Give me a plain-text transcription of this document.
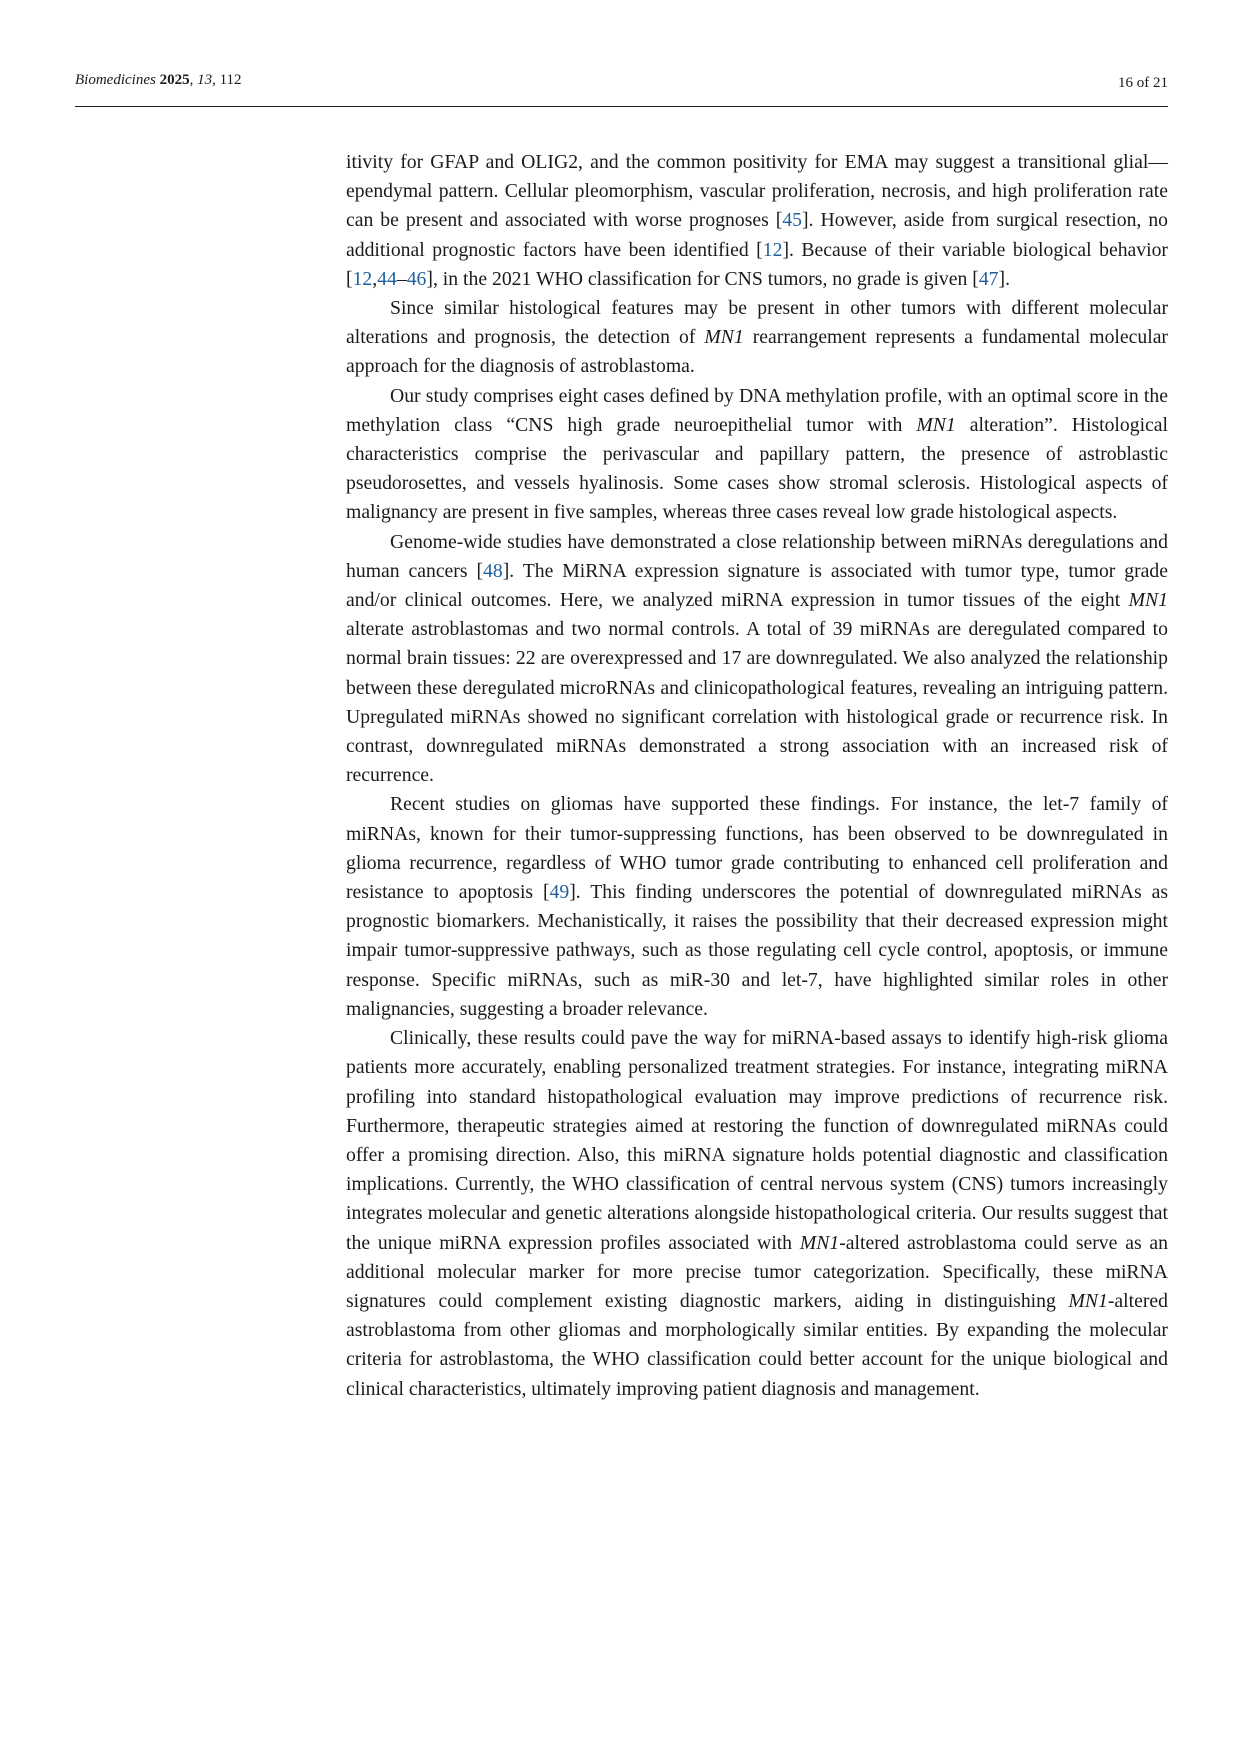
Biomedicines 2025, 13, 112	16 of 21

itivity for GFAP and OLIG2, and the common positivity for EMA may suggest a transitional glial—ependymal pattern. Cellular pleomorphism, vascular proliferation, necrosis, and high proliferation rate can be present and associated with worse prognoses [45]. However, aside from surgical resection, no additional prognostic factors have been identified [12]. Because of their variable biological behavior [12,44–46], in the 2021 WHO classification for CNS tumors, no grade is given [47].

Since similar histological features may be present in other tumors with different molecular alterations and prognosis, the detection of MN1 rearrangement represents a fundamental molecular approach for the diagnosis of astroblastoma.

Our study comprises eight cases defined by DNA methylation profile, with an optimal score in the methylation class “CNS high grade neuroepithelial tumor with MN1 alteration”. Histological characteristics comprise the perivascular and papillary pattern, the presence of astroblastic pseudorosettes, and vessels hyalinosis. Some cases show stromal sclerosis. Histological aspects of malignancy are present in five samples, whereas three cases reveal low grade histological aspects.

Genome-wide studies have demonstrated a close relationship between miRNAs deregulations and human cancers [48]. The MiRNA expression signature is associated with tumor type, tumor grade and/or clinical outcomes. Here, we analyzed miRNA expression in tumor tissues of the eight MN1 alterate astroblastomas and two normal controls. A total of 39 miRNAs are deregulated compared to normal brain tissues: 22 are overexpressed and 17 are downregulated. We also analyzed the relationship between these deregulated microRNAs and clinicopathological features, revealing an intriguing pattern. Upregulated miRNAs showed no significant correlation with histological grade or recurrence risk. In contrast, downregulated miRNAs demonstrated a strong association with an increased risk of recurrence.

Recent studies on gliomas have supported these findings. For instance, the let-7 family of miRNAs, known for their tumor-suppressing functions, has been observed to be downregulated in glioma recurrence, regardless of WHO tumor grade contributing to enhanced cell proliferation and resistance to apoptosis [49]. This finding underscores the potential of downregulated miRNAs as prognostic biomarkers. Mechanistically, it raises the possibility that their decreased expression might impair tumor-suppressive pathways, such as those regulating cell cycle control, apoptosis, or immune response. Specific miRNAs, such as miR-30 and let-7, have highlighted similar roles in other malignancies, suggesting a broader relevance.

Clinically, these results could pave the way for miRNA-based assays to identify high-risk glioma patients more accurately, enabling personalized treatment strategies. For instance, integrating miRNA profiling into standard histopathological evaluation may improve predictions of recurrence risk. Furthermore, therapeutic strategies aimed at restoring the function of downregulated miRNAs could offer a promising direction. Also, this miRNA signature holds potential diagnostic and classification implications. Currently, the WHO classification of central nervous system (CNS) tumors increasingly integrates molecular and genetic alterations alongside histopathological criteria. Our results suggest that the unique miRNA expression profiles associated with MN1-altered astroblastoma could serve as an additional molecular marker for more precise tumor categorization. Specifically, these miRNA signatures could complement existing diagnostic markers, aiding in distinguishing MN1-altered astroblastoma from other gliomas and morphologically similar entities. By expanding the molecular criteria for astroblastoma, the WHO classification could better account for the unique biological and clinical characteristics, ultimately improving patient diagnosis and management.
